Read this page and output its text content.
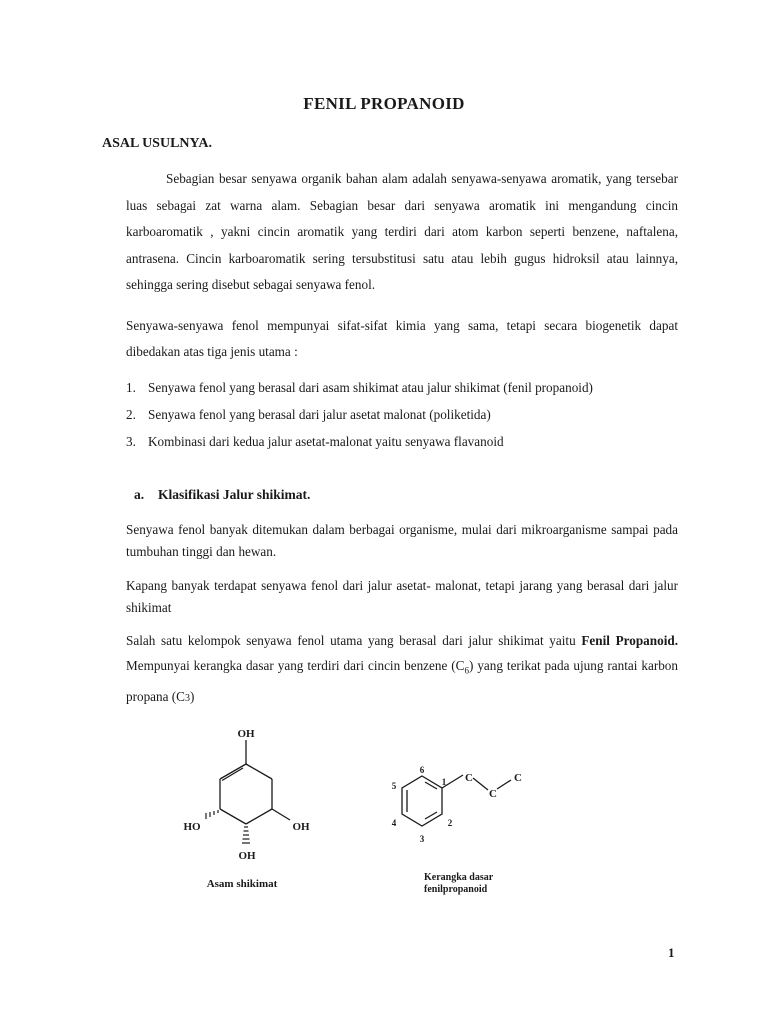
FENIL PROPANOID
ASAL USULNYA.
Sebagian besar senyawa organik bahan alam adalah senyawa-senyawa aromatik, yang tersebar luas sebagai zat warna alam. Sebagian besar dari senyawa aromatik ini mengandung cincin karboaromatik , yakni cincin aromatik yang terdiri dari atom karbon seperti benzene, naftalena, antrasena. Cincin karboaromatik sering tersubstitusi satu atau lebih gugus hidroksil atau lainnya, sehingga sering disebut sebagai senyawa fenol.
Senyawa-senyawa fenol mempunyai sifat-sifat kimia yang sama, tetapi secara biogenetik dapat dibedakan atas tiga jenis utama :
1. Senyawa fenol yang berasal dari asam shikimat atau jalur shikimat (fenil propanoid)
2. Senyawa fenol yang berasal dari jalur asetat malonat (poliketida)
3. Kombinasi dari kedua jalur asetat-malonat yaitu senyawa flavanoid
a. Klasifikasi Jalur shikimat.
Senyawa fenol banyak ditemukan dalam berbagai organisme, mulai dari mikroarganisme sampai pada tumbuhan tinggi dan hewan.
Kapang banyak terdapat senyawa fenol dari jalur asetat- malonat, tetapi jarang yang berasal dari jalur shikimat
Salah satu kelompok senyawa fenol utama yang berasal dari jalur shikimat yaitu Fenil Propanoid. Mempunyai kerangka dasar yang terdiri dari cincin benzene $(C_6)$ yang terikat pada ujung rantai karbon propana (C3)
OH
HO	OH
OH
Asam shikimat
6
1
2
3
4
5
C
C
C
Kerangka dasar
fenilpropanoid
1
